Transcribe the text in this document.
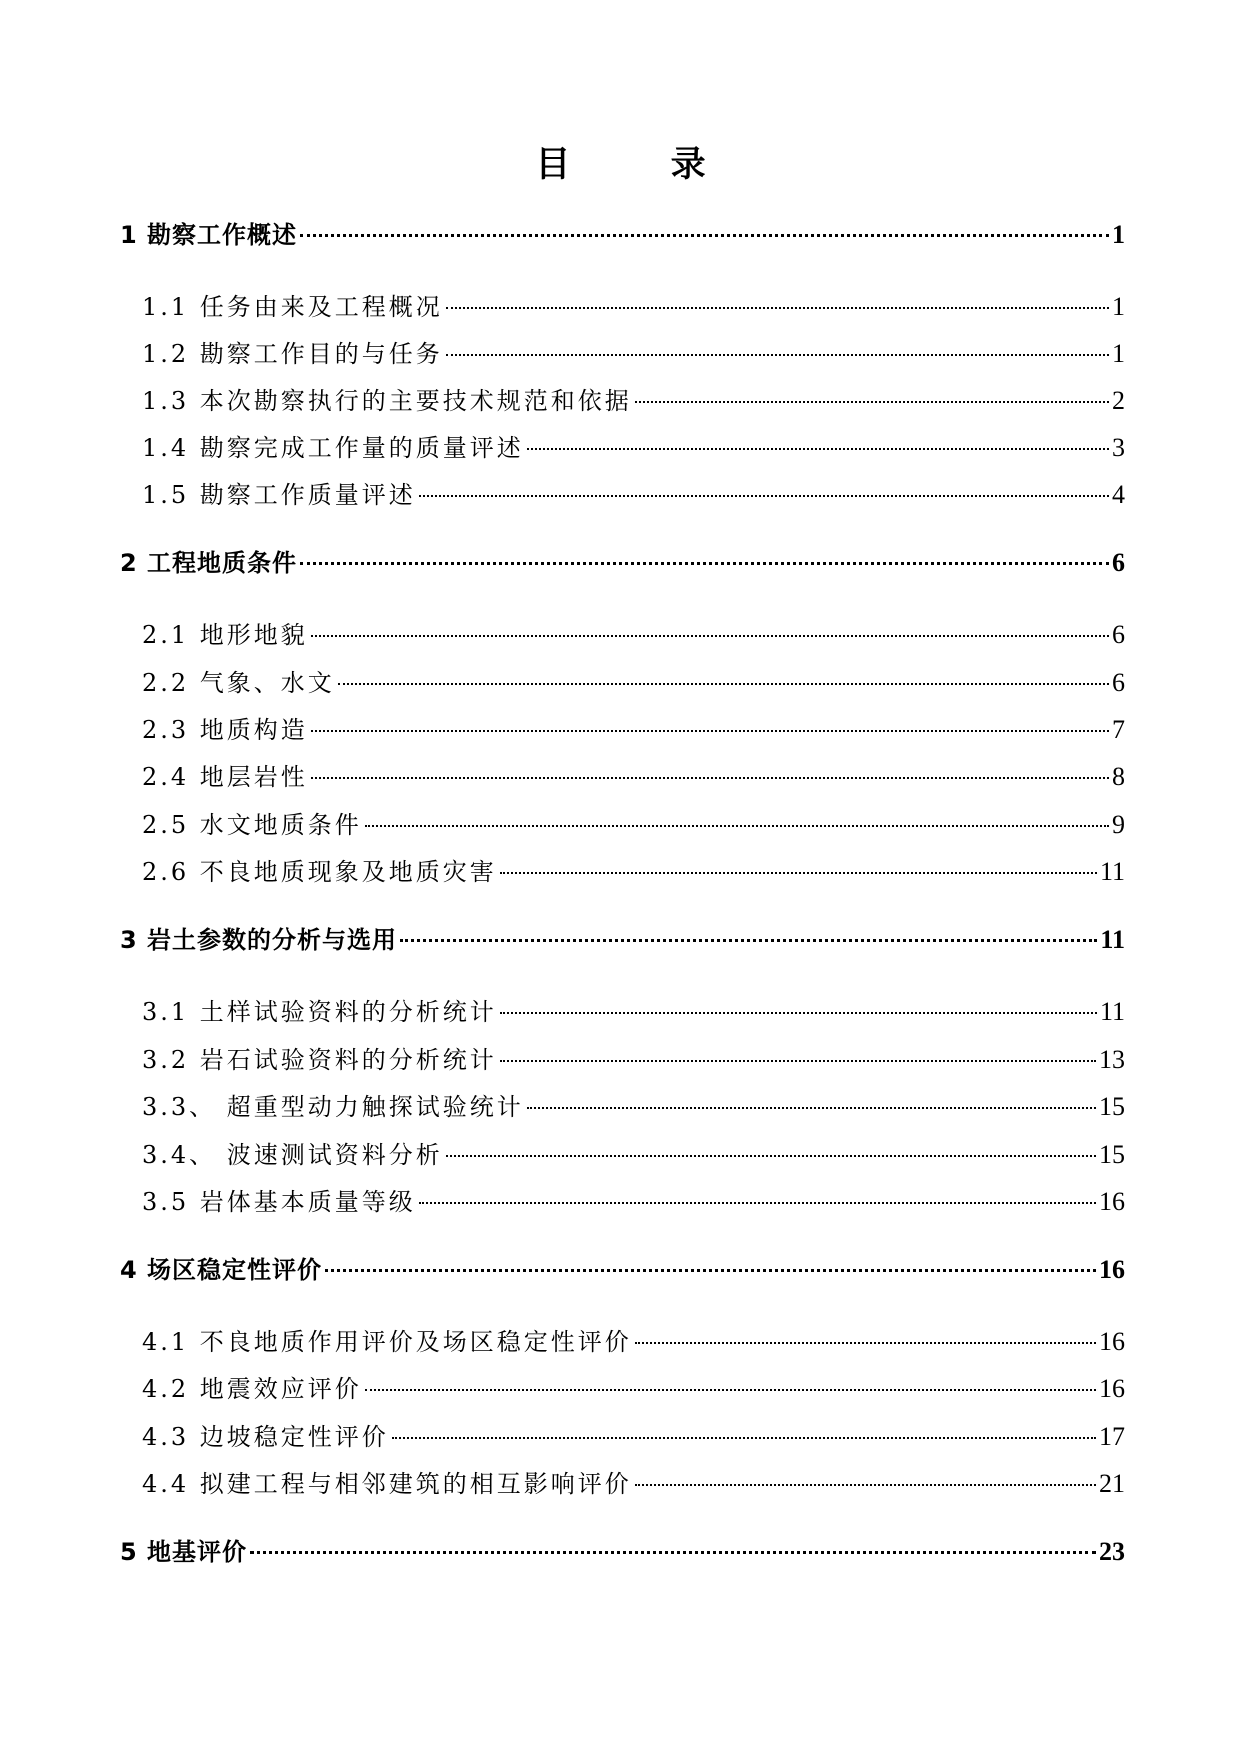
目 录
1 勘察工作概述	1
1.1 任务由来及工程概况	1
1.2 勘察工作目的与任务	1
1.3 本次勘察执行的主要技术规范和依据	2
1.4 勘察完成工作量的质量评述	3
1.5 勘察工作质量评述	4
2 工程地质条件	6
2.1 地形地貌	6
2.2 气象、水文	6
2.3 地质构造	7
2.4 地层岩性	8
2.5 水文地质条件	9
2.6 不良地质现象及地质灾害	11
3 岩土参数的分析与选用	11
3.1 土样试验资料的分析统计	11
3.2 岩石试验资料的分析统计	13
3.3、 超重型动力触探试验统计	15
3.4、 波速测试资料分析	15
3.5 岩体基本质量等级	16
4 场区稳定性评价	16
4.1 不良地质作用评价及场区稳定性评价	16
4.2 地震效应评价	16
4.3 边坡稳定性评价	17
4.4 拟建工程与相邻建筑的相互影响评价	21
5 地基评价	23
